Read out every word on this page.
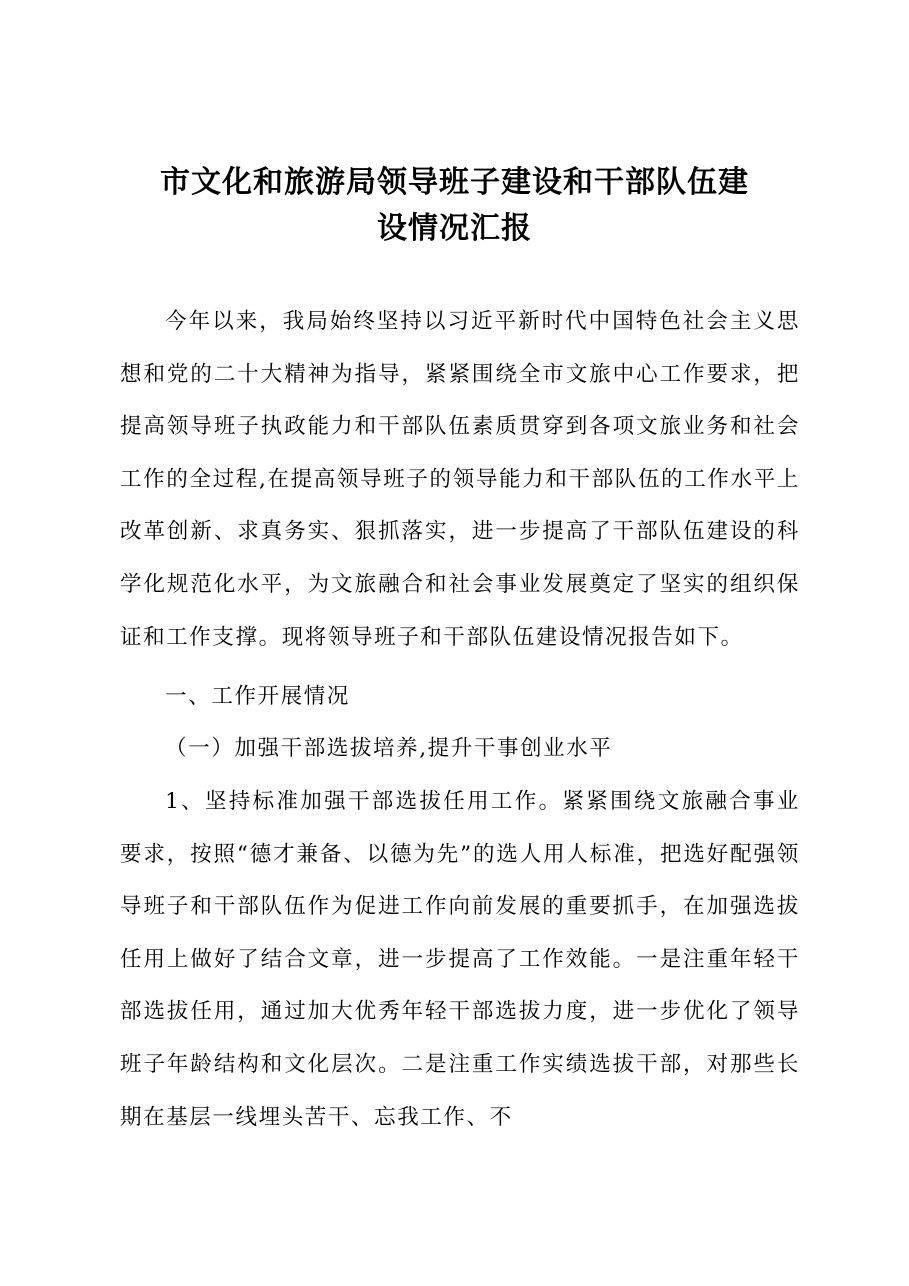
市文化和旅游局领导班子建设和干部队伍建
设情况汇报

今年以来，我局始终坚持以习近平新时代中国特色社会主义思想和党的二十大精神为指导，紧紧围绕全市文旅中心工作要求，把提高领导班子执政能力和干部队伍素质贯穿到各项文旅业务和社会工作的全过程,在提高领导班子的领导能力和干部队伍的工作水平上改革创新、求真务实、狠抓落实，进一步提高了干部队伍建设的科学化规范化水平，为文旅融合和社会事业发展奠定了坚实的组织保证和工作支撑。现将领导班子和干部队伍建设情况报告如下。

一、工作开展情况

（一）加强干部选拔培养,提升干事创业水平

1、坚持标准加强干部选拔任用工作。紧紧围绕文旅融合事业要求，按照“德才兼备、以德为先”的选人用人标准，把选好配强领导班子和干部队伍作为促进工作向前发展的重要抓手，在加强选拔任用上做好了结合文章，进一步提高了工作效能。一是注重年轻干部选拔任用，通过加大优秀年轻干部选拔力度，进一步优化了领导班子年龄结构和文化层次。二是注重工作实绩选拔干部，对那些长期在基层一线埋头苦干、忘我工作、不
